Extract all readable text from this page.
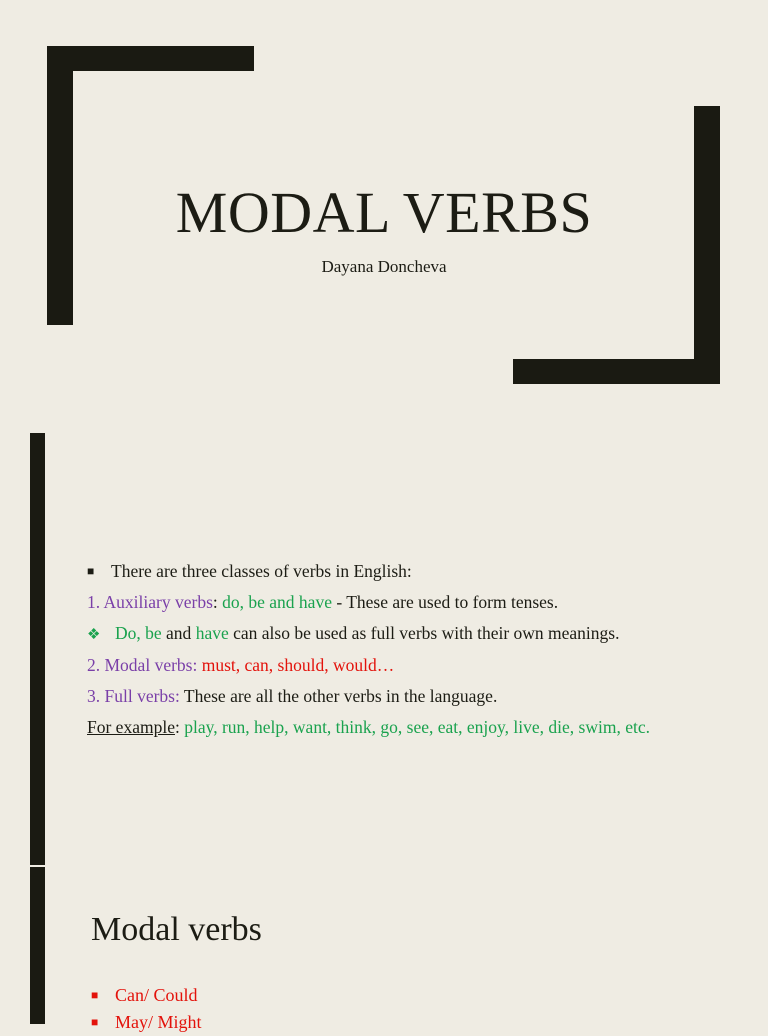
MODAL VERBS
Dayana Doncheva
■ There are three classes of verbs in English:
1. Auxiliary verbs: do, be and have - These are used to form tenses.
❖ Do, be and have can also be used as full verbs with their own meanings.
2. Modal verbs: must, can, should, would…
3. Full verbs: These are all the other verbs in the language.
For example: play, run, help, want, think, go, see, eat, enjoy, live, die, swim, etc.
Modal verbs
■ Can/ Could
■ May/ Might
